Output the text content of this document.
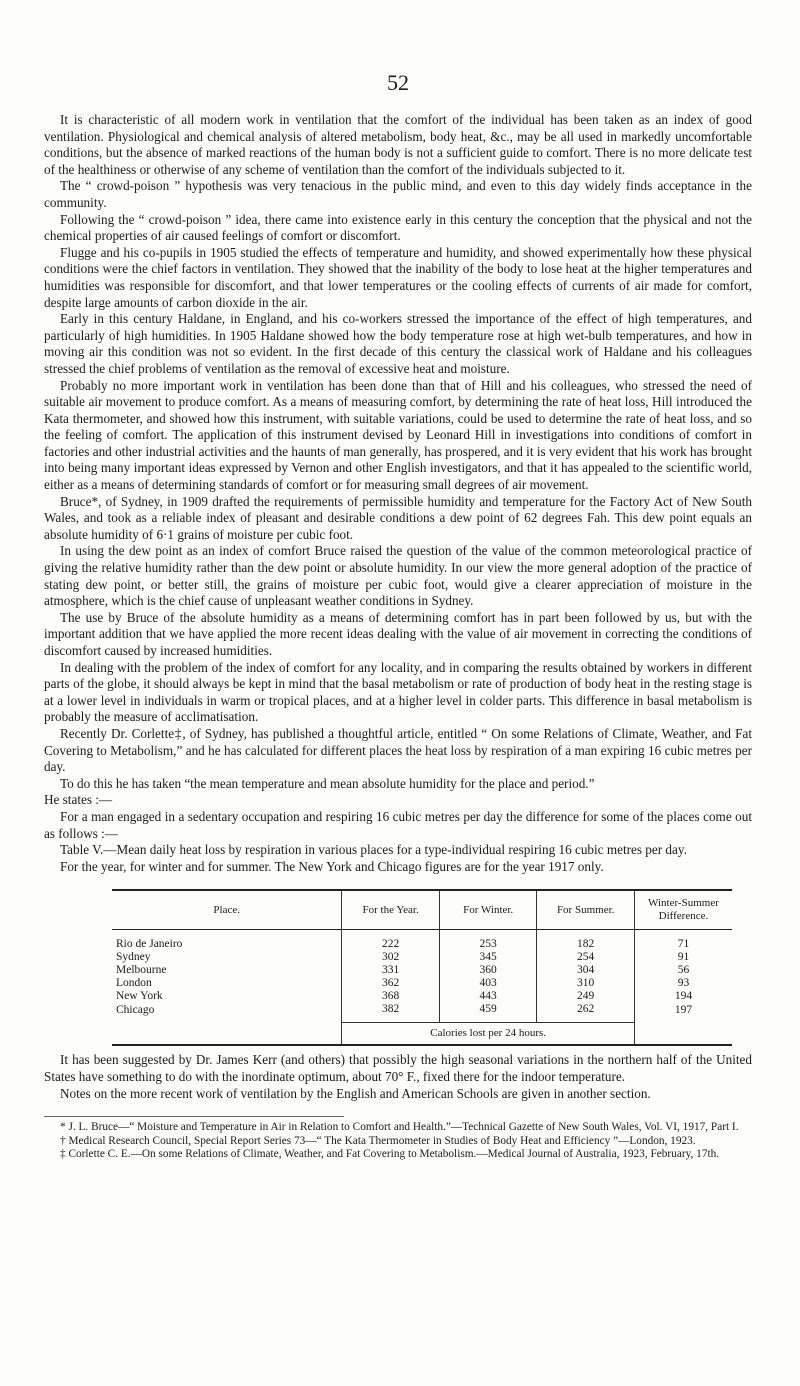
52

It is characteristic of all modern work in ventilation that the comfort of the individual has been taken as an index of good ventilation. Physiological and chemical analysis of altered metabolism, body heat, &c., may be all used in markedly uncomfortable conditions, but the absence of marked reactions of the human body is not a sufficient guide to comfort. There is no more delicate test of the healthiness or otherwise of any scheme of ventilation than the comfort of the individuals subjected to it.

The “ crowd-poison ” hypothesis was very tenacious in the public mind, and even to this day widely finds acceptance in the community.

Following the “ crowd-poison ” idea, there came into existence early in this century the conception that the physical and not the chemical properties of air caused feelings of comfort or discomfort.

Flugge and his co-pupils in 1905 studied the effects of temperature and humidity, and showed experimentally how these physical conditions were the chief factors in ventilation. They showed that the inability of the body to lose heat at the higher temperatures and humidities was responsible for discomfort, and that lower temperatures or the cooling effects of currents of air made for comfort, despite large amounts of carbon dioxide in the air.

Early in this century Haldane, in England, and his co-workers stressed the importance of the effect of high temperatures, and particularly of high humidities. In 1905 Haldane showed how the body temperature rose at high wet-bulb temperatures, and how in moving air this condition was not so evident. In the first decade of this century the classical work of Haldane and his colleagues stressed the chief problems of ventilation as the removal of excessive heat and moisture.

Probably no more important work in ventilation has been done than that of Hill and his colleagues, who stressed the need of suitable air movement to produce comfort. As a means of measuring comfort, by determining the rate of heat loss, Hill introduced the Kata thermometer, and showed how this instrument, with suitable variations, could be used to determine the rate of heat loss, and so the feeling of comfort. The application of this instrument devised by Leonard Hill in investigations into conditions of comfort in factories and other industrial activities and the haunts of man generally, has prospered, and it is very evident that his work has brought into being many important ideas expressed by Vernon and other English investigators, and that it has appealed to the scientific world, either as a means of determining standards of comfort or for measuring small degrees of air movement.

Bruce*, of Sydney, in 1909 drafted the requirements of permissible humidity and temperature for the Factory Act of New South Wales, and took as a reliable index of pleasant and desirable conditions a dew point of 62 degrees Fah. This dew point equals an absolute humidity of 6·1 grains of moisture per cubic foot.

In using the dew point as an index of comfort Bruce raised the question of the value of the common meteorological practice of giving the relative humidity rather than the dew point or absolute humidity. In our view the more general adoption of the practice of stating dew point, or better still, the grains of moisture per cubic foot, would give a clearer appreciation of moisture in the atmosphere, which is the chief cause of unpleasant weather conditions in Sydney.

The use by Bruce of the absolute humidity as a means of determining comfort has in part been followed by us, but with the important addition that we have applied the more recent ideas dealing with the value of air movement in correcting the conditions of discomfort caused by increased humidities.

In dealing with the problem of the index of comfort for any locality, and in comparing the results obtained by workers in different parts of the globe, it should always be kept in mind that the basal metabolism or rate of production of body heat in the resting stage is at a lower level in individuals in warm or tropical places, and at a higher level in colder parts. This difference in basal metabolism is probably the measure of acclimatisation.

Recently Dr. Corlette‡, of Sydney, has published a thoughtful article, entitled “ On some Relations of Climate, Weather, and Fat Covering to Metabolism,” and he has calculated for different places the heat loss by respiration of a man expiring 16 cubic metres per day.

To do this he has taken “the mean temperature and mean absolute humidity for the place and period.”

He states :—

For a man engaged in a sedentary occupation and respiring 16 cubic metres per day the difference for some of the places come out as follows :—

Table V.—Mean daily heat loss by respiration in various places for a type-individual respiring 16 cubic metres per day.

For the year, for winter and for summer. The New York and Chicago figures are for the year 1917 only.

Place.	For the Year.	For Winter.	For Summer.	Winter-Summer Difference.
Rio de Janeiro	222	253	182	71
Sydney	302	345	254	91
Melbourne	331	360	304	56
London	362	403	310	93
New York	368	443	249	194
Chicago	382	459	262	197
	Calories lost per 24 hours.			

It has been suggested by Dr. James Kerr (and others) that possibly the high seasonal variations in the northern half of the United States have something to do with the inordinate optimum, about 70° F., fixed there for the indoor temperature.

Notes on the more recent work of ventilation by the English and American Schools are given in another section.

* J. L. Bruce—“ Moisture and Temperature in Air in Relation to Comfort and Health.”—Technical Gazette of New South Wales, Vol. VI, 1917, Part I.

† Medical Research Council, Special Report Series 73—“ The Kata Thermometer in Studies of Body Heat and Efficiency ”—London, 1923.

‡ Corlette C. E.—On some Relations of Climate, Weather, and Fat Covering to Metabolism.—Medical Journal of Australia, 1923, February, 17th.
